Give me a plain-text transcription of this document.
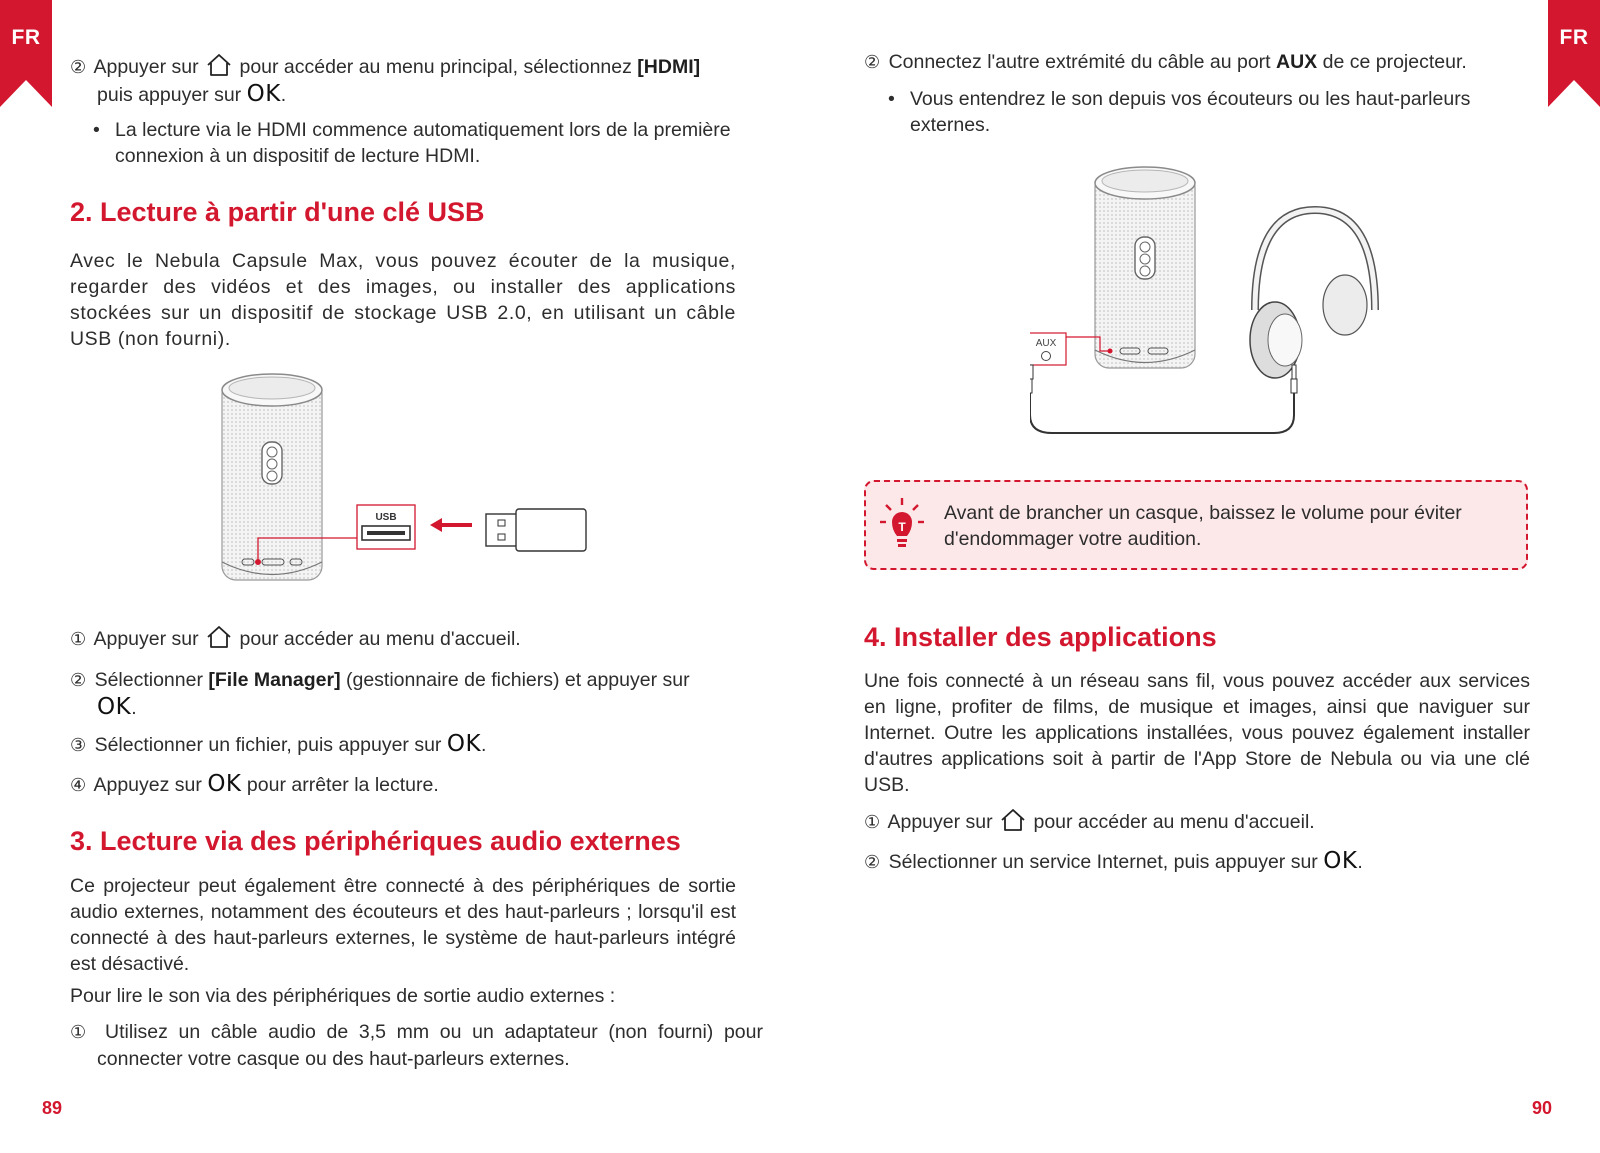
FR
② Appuyer sur pour accéder au menu principal, sélectionnez [HDMI]
puis appuyer sur OK.
• La lecture via le HDMI commence automatiquement lors de la première connexion à un dispositif de lecture HDMI.
2. Lecture à partir d'une clé USB
Avec le Nebula Capsule Max, vous pouvez écouter de la musique, regarder des vidéos et des images, ou installer des applications stockées sur un dispositif de stockage USB 2.0, en utilisant un câble USB (non fourni).
USB
① Appuyer sur pour accéder au menu d'accueil.
② Sélectionner [File Manager] (gestionnaire de fichiers) et appuyer sur
OK.
③ Sélectionner un fichier, puis appuyer sur OK.
④ Appuyez sur OK pour arrêter la lecture.
3. Lecture via des périphériques audio externes
Ce projecteur peut également être connecté à des périphériques de sortie audio externes, notamment des écouteurs et des haut-parleurs ; lorsqu'il est connecté à des haut-parleurs externes, le système de haut-parleurs intégré est désactivé.
Pour lire le son via des périphériques de sortie audio externes :
① Utilisez un câble audio de 3,5 mm ou un adaptateur (non fourni) pour connecter votre casque ou des haut-parleurs externes.
89
FR
② Connectez l'autre extrémité du câble au port AUX de ce projecteur.
• Vous entendrez le son depuis vos écouteurs ou les haut-parleurs externes.
AUX
T
Avant de brancher un casque, baissez le volume pour éviter d'endommager votre audition.
4. Installer des applications
Une fois connecté à un réseau sans fil, vous pouvez accéder aux services en ligne, profiter de films, de musique et images, ainsi que naviguer sur Internet. Outre les applications installées, vous pouvez également installer d'autres applications soit à partir de l'App Store de Nebula ou via une clé USB.
① Appuyer sur pour accéder au menu d'accueil.
② Sélectionner un service Internet, puis appuyer sur OK.
90
